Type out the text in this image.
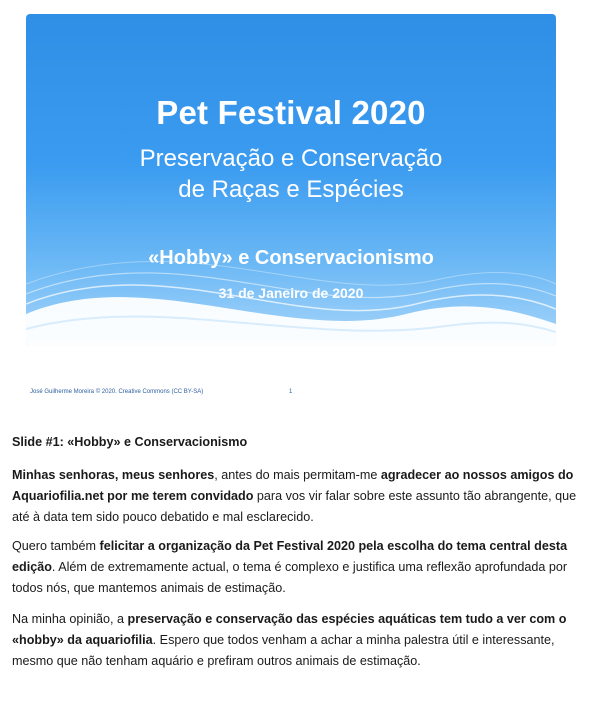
Pet Festival 2020
Preservação e Conservação
de Raças e Espécies
«Hobby» e Conservacionismo
31 de Janeiro de 2020
José Guilherme Moreira © 2020. Creative Commons (CC BY-SA)	1
Slide #1: «Hobby» e Conservacionismo
Minhas senhoras, meus senhores, antes do mais permitam-me agradecer ao nossos amigos do Aquariofilia.net por me terem convidado para vos vir falar sobre este assunto tão abrangente, que até à data tem sido pouco debatido e mal esclarecido.
Quero também felicitar a organização da Pet Festival 2020 pela escolha do tema central desta edição. Além de extremamente actual, o tema é complexo e justifica uma reflexão aprofundada por todos nós, que mantemos animais de estimação.
Na minha opinião, a preservação e conservação das espécies aquáticas tem tudo a ver com o «hobby» da aquariofilia. Espero que todos venham a achar a minha palestra útil e interessante, mesmo que não tenham aquário e prefiram outros animais de estimação.
